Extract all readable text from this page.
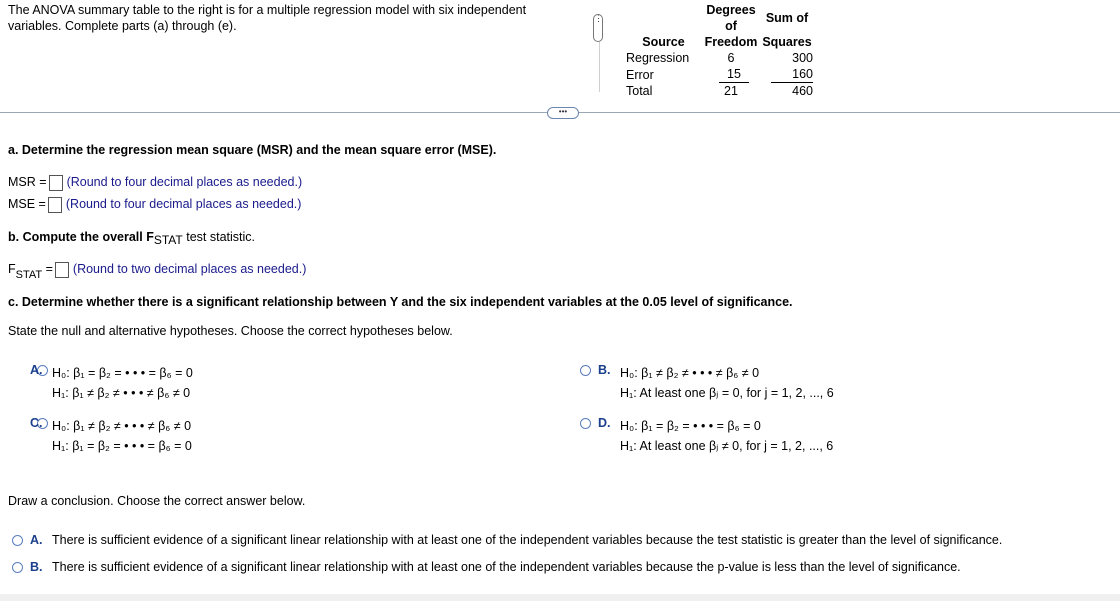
The ANOVA summary table to the right is for a multiple regression model with six independent variables. Complete parts (a) through (e).
⋮
	Degrees of	Sum of
Source	Freedom	Squares
Regression	6	300
Error	15	160

Total	21	460
•••
a. Determine the regression mean square (MSR) and the mean square error (MSE).
MSR = (Round to four decimal places as needed.)
MSE = (Round to four decimal places as needed.)
b. Compute the overall $F_{STAT}$ test statistic.
$F_{STAT}$ = (Round to two decimal places as needed.)
c. Determine whether there is a significant relationship between Y and the six independent variables at the 0.05 level of significance.
State the null and alternative hypotheses. Choose the correct hypotheses below.
A. H₀: β₁ = β₂ = • • • = β₆ = 0
H₁: β₁ ≠ β₂ ≠ • • • ≠ β₆ ≠ 0
B. H₀: β₁ ≠ β₂ ≠ • • • ≠ β₆ ≠ 0
H₁: At least one βⱼ = 0, for j = 1, 2, ..., 6
C. H₀: β₁ ≠ β₂ ≠ • • • ≠ β₆ ≠ 0
H₁: β₁ = β₂ = • • • = β₆ = 0
D. H₀: β₁ = β₂ = • • • = β₆ = 0
H₁: At least one βⱼ ≠ 0, for j = 1, 2, ..., 6
Draw a conclusion. Choose the correct answer below.
A. There is sufficient evidence of a significant linear relationship with at least one of the independent variables because the test statistic is greater than the level of significance.
B. There is sufficient evidence of a significant linear relationship with at least one of the independent variables because the p-value is less than the level of significance.
